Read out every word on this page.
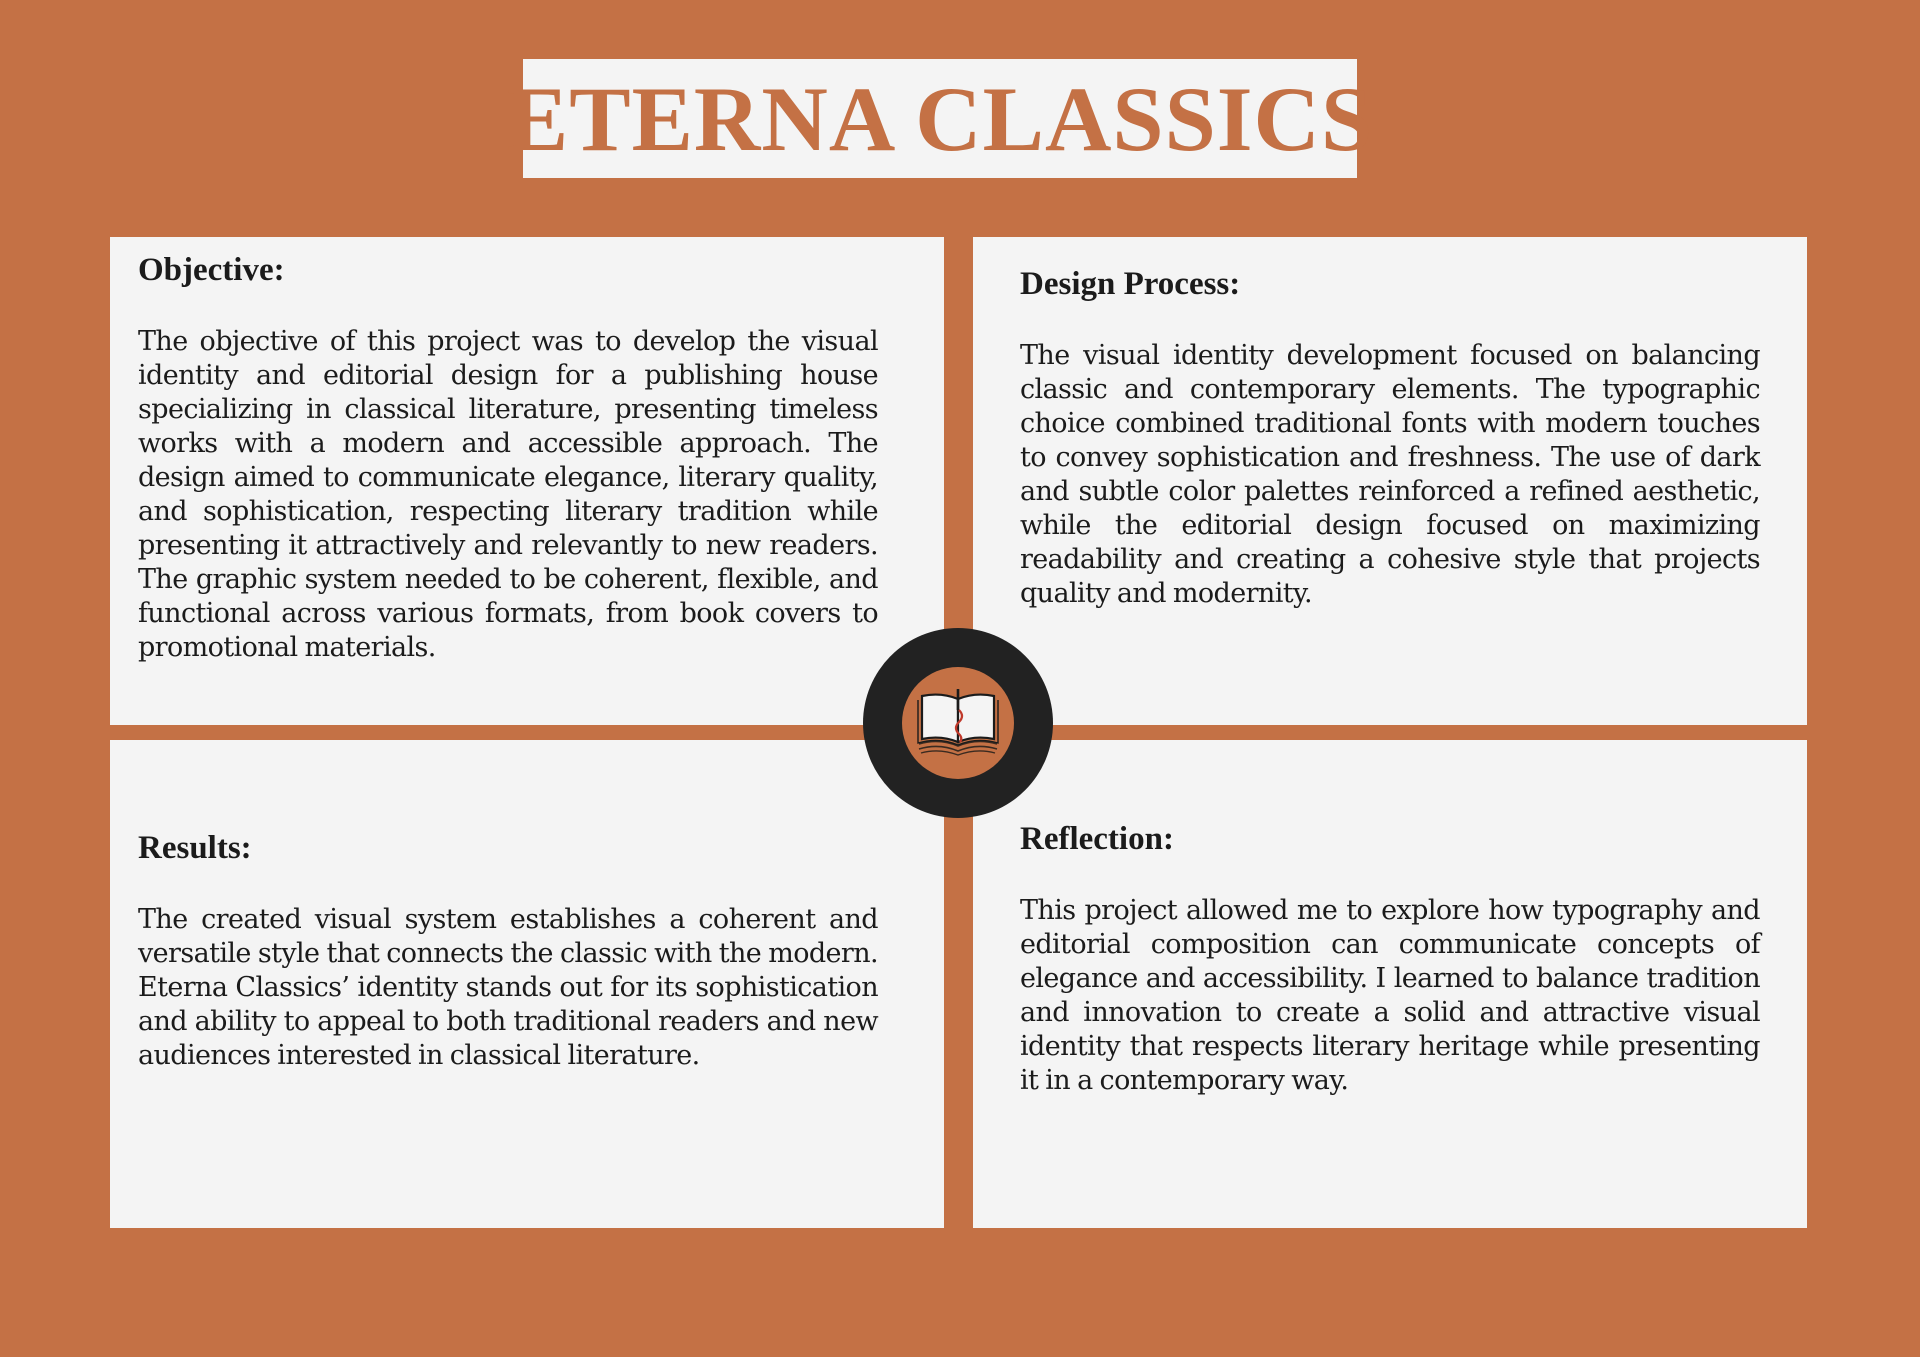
ETERNA CLASSICS
Objective:

The objective of this project was to develop the visual identity and editorial design for a publishing house specializing in classical literature, presenting timeless works with a modern and accessible approach. The design aimed to communicate elegance, literary quality, and sophistication, respecting literary tradition while presenting it attractively and relevantly to new readers. The graphic system needed to be coherent, flexible, and functional across various formats, from book covers to promotional materials.

Design Process:

The visual identity development focused on balancing classic and contemporary elements. The typographic choice combined traditional fonts with modern touches to convey sophistication and freshness. The use of dark and subtle color palettes reinforced a refined aesthetic, while the editorial design focused on maximizing readability and creating a cohesive style that projects quality and modernity.

Results:

The created visual system establishes a coherent and versatile style that connects the classic with the modern. Eterna Classics’ identity stands out for its sophistication and ability to appeal to both traditional readers and new audiences interested in classical literature.

Reflection:

This project allowed me to explore how typography and editorial composition can communicate concepts of elegance and accessibility. I learned to balance tradition and innovation to create a solid and attractive visual identity that respects literary heritage while presenting it in a contemporary way.
